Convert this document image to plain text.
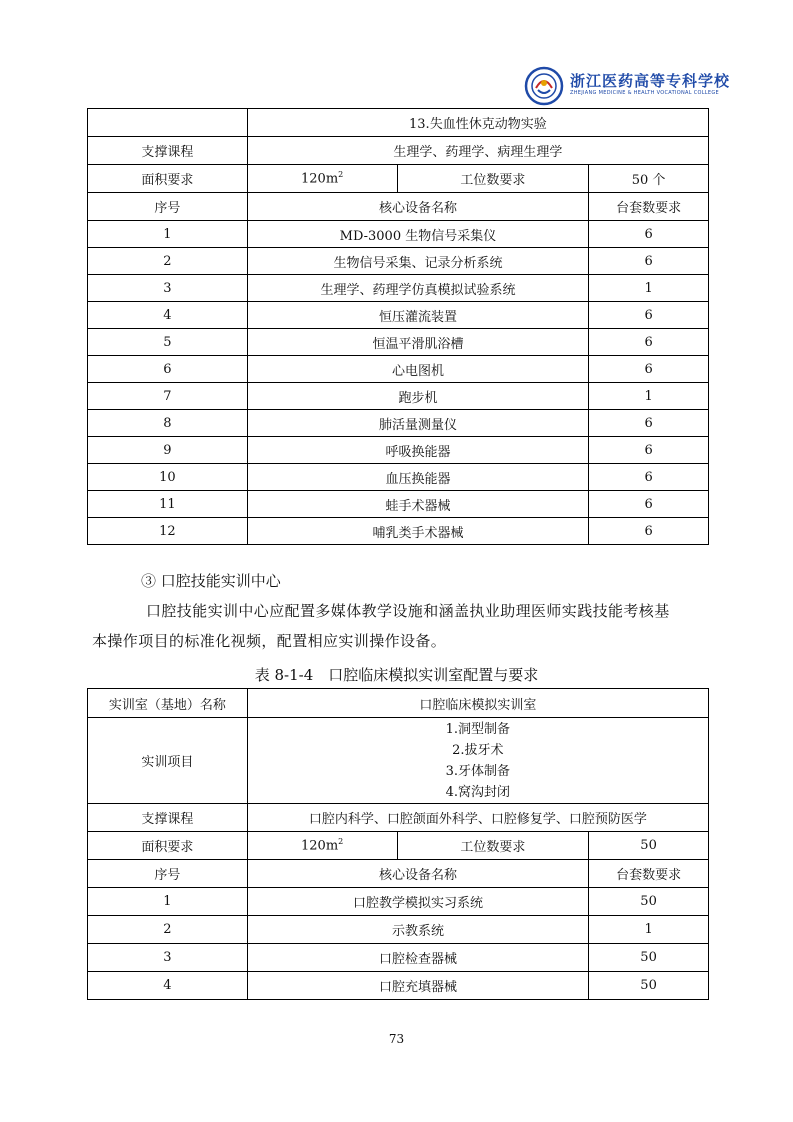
浙江医药高等专科学校
ZHEJIANG MEDICINE & HEALTH VOCATIONAL COLLEGE
	13.失血性休克动物实验		
支撑课程	生理学、药理学、病理生理学		
面积要求	$120m^2$	工位数要求	50 个
序号	核心设备名称		台套数要求
1	MD-3000 生物信号采集仪		6
2	生物信号采集、记录分析系统		6
3	生理学、药理学仿真模拟试验系统		1
4	恒压灌流装置		6
5	恒温平滑肌浴槽		6
6	心电图机		6
7	跑步机		1
8	肺活量测量仪		6
9	呼吸换能器		6
10	血压换能器		6
11	蛙手术器械		6
12	哺乳类手术器械		6
③ 口腔技能实训中心
口腔技能实训中心应配置多媒体教学设施和涵盖执业助理医师实践技能考核基
本操作项目的标准化视频，配置相应实训操作设备。
表 8-1-4　口腔临床模拟实训室配置与要求
实训室（基地）名称	口腔临床模拟实训室		
实训项目	1.洞型制备
2.拔牙术
3.牙体制备
4.窝沟封闭		

支撑课程	口腔内科学、口腔颌面外科学、口腔修复学、口腔预防医学		
面积要求	$120m^2$	工位数要求	50
序号	核心设备名称		台套数要求
1	口腔教学模拟实习系统		50
2	示教系统		1
3	口腔检查器械		50
4	口腔充填器械		50
73
